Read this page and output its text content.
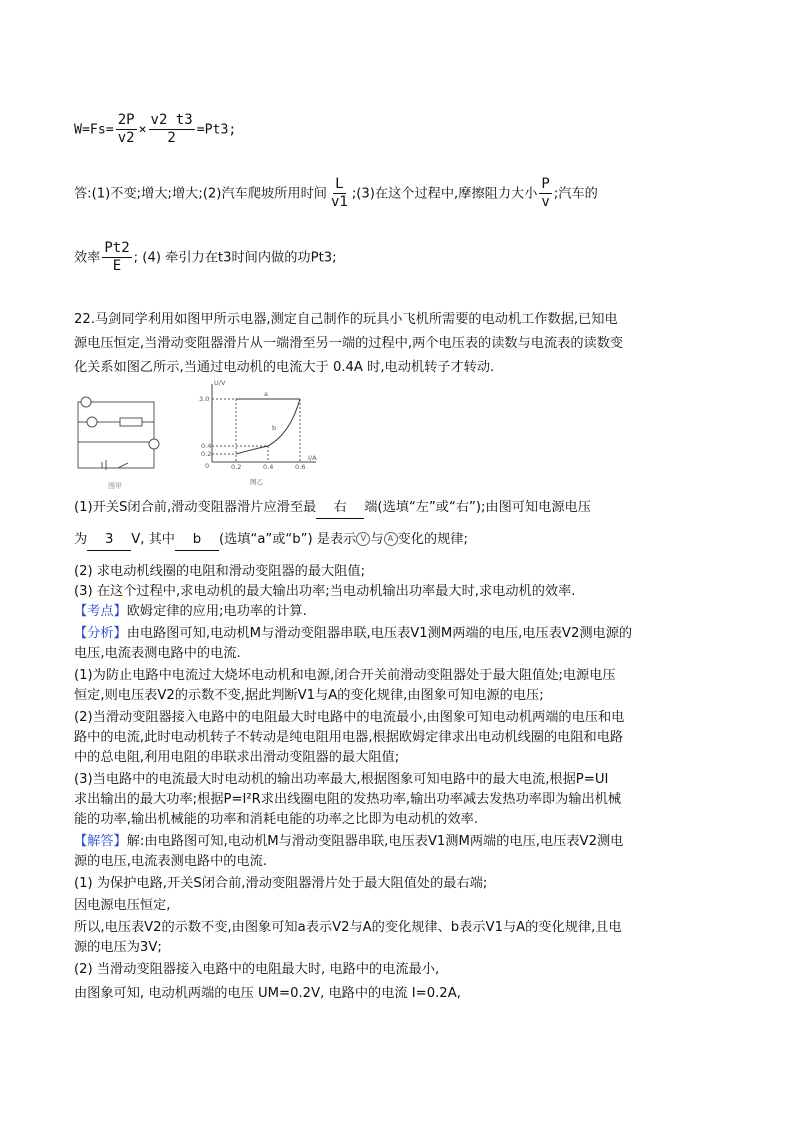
$W=Fs= \frac{2P}{v2} \times \frac{v2 t3}{2} =Pt3$;
答:(1)不变;增大;增大;(2)汽车爬坡所用时间 $\frac{L}{v1}$ ;(3)在这个过程中,摩擦阻力大小 $\frac{P}{v}$ ;汽车的
效率 $\frac{Pt2}{E}$ ; (4) 牵引力在t3时间内做的功Pt3;
22.马剑同学利用如图甲所示电器,测定自己制作的玩具小飞机所需要的电动机工作数据,已知电
源电压恒定,当滑动变阻器滑片从一端滑至另一端的过程中,两个电压表的读数与电流表的读数变
化关系如图乙所示,当通过电动机的电流大于 0.4A 时,电动机转子才转动.
图甲
U/V
I/A
3.0
0.4
0.2
0	0.2	0.4	0.6
a
b
图乙
(1)开关S闭合前,滑动变阻器滑片应滑至最 右 端(选填“左”或“右”);由图可知电源电压
为 3 V, 其中 b (选填“a”或“b”) 是表示 V 与 A 变化的规律;
(2) 求电动机线圈的电阻和滑动变阻器的最大阻值;
(3) 在这个过程中,求电动机的最大输出功率;当电动机输出功率最大时,求电动机的效率.
【考点】欧姆定律的应用;电功率的计算.
【分析】由电路图可知,电动机M与滑动变阻器串联,电压表V1测M两端的电压,电压表V2测电源的
电压,电流表测电路中的电流.
(1)为防止电路中电流过大烧坏电动机和电源,闭合开关前滑动变阻器处于最大阻值处;电源电压
恒定,则电压表V2的示数不变,据此判断V1与A的变化规律,由图象可知电源的电压;
(2)当滑动变阻器接入电路中的电阻最大时电路中的电流最小,由图象可知电动机两端的电压和电
路中的电流,此时电动机转子不转动是纯电阻用电器,根据欧姆定律求出电动机线圈的电阻和电路
中的总电阻,利用电阻的串联求出滑动变阻器的最大阻值;
(3)当电路中的电流最大时电动机的输出功率最大,根据图象可知电路中的最大电流,根据P=UI
求出输出的最大功率;根据P=I²R求出线圈电阻的发热功率,输出功率减去发热功率即为输出机械
能的功率,输出机械能的功率和消耗电能的功率之比即为电动机的效率.
【解答】解:由电路图可知,电动机M与滑动变阻器串联,电压表V1测M两端的电压,电压表V2测电
源的电压,电流表测电路中的电流.
(1) 为保护电路,开关S闭合前,滑动变阻器滑片处于最大阻值处的最右端;
因电源电压恒定,
所以,电压表V2的示数不变,由图象可知a表示V2与A的变化规律、b表示V1与A的变化规律,且电
源的电压为3V;
(2) 当滑动变阻器接入电路中的电阻最大时, 电路中的电流最小,
由图象可知, 电动机两端的电压 UM=0.2V, 电路中的电流 I=0.2A,
